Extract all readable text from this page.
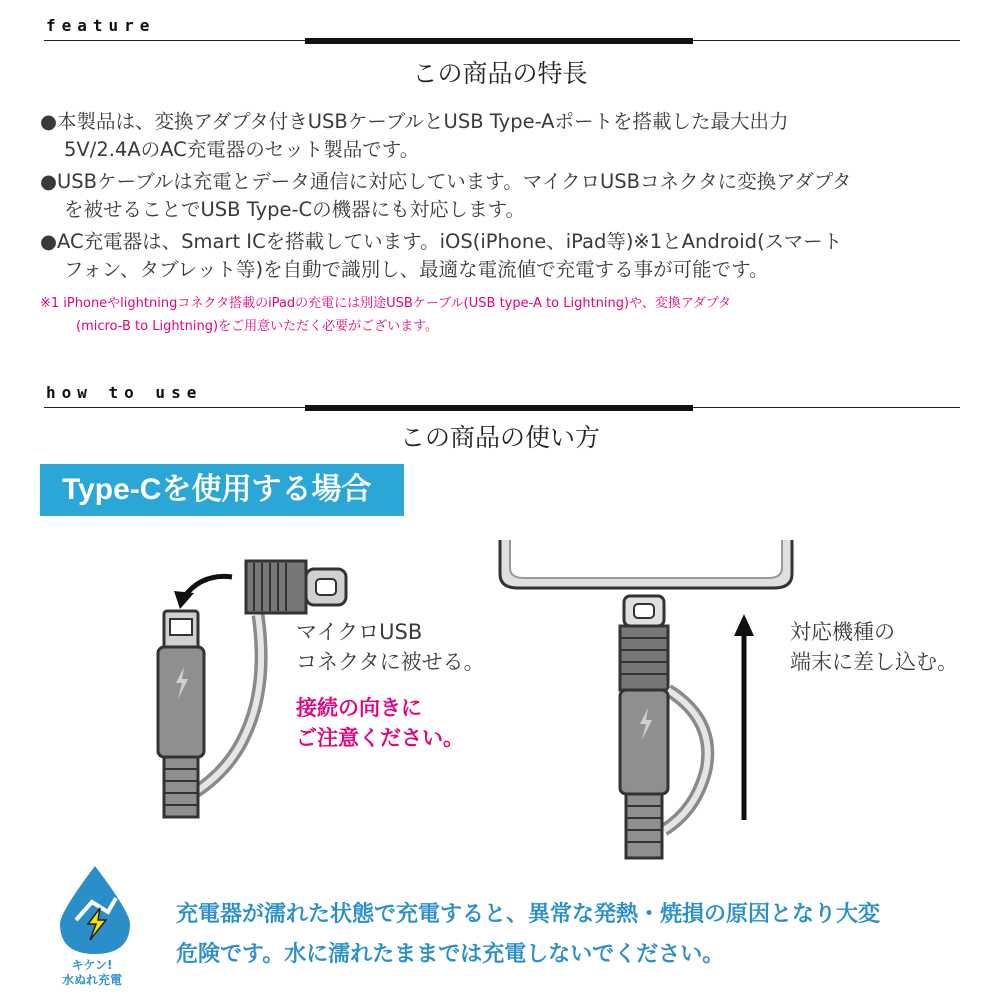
feature
この商品の特長
●本製品は、変換アダプタ付きUSBケーブルとUSB Type-Aポートを搭載した最大出力
5V/2.4AのAC充電器のセット製品です。
●USBケーブルは充電とデータ通信に対応しています。マイクロUSBコネクタに変換アダプタ
を被せることでUSB Type-Cの機器にも対応します。
●AC充電器は、Smart ICを搭載しています。iOS(iPhone、iPad等)※1とAndroid(スマート
フォン、タブレット等)を自動で識別し、最適な電流値で充電する事が可能です。
※1 iPhoneやlightningコネクタ搭載のiPadの充電には別途USBケーブル(USB type-A to Lightning)や、変換アダプタ
(micro-B to Lightning)をご用意いただく必要がございます。
how to use
この商品の使い方
Type-Cを使用する場合
マイクロUSB
コネクタに被せる。
接続の向きに
ご注意ください。
対応機種の
端末に差し込む。
キケン!
水ぬれ充電
充電器が濡れた状態で充電すると、異常な発熱・焼損の原因となり大変
危険です。水に濡れたままでは充電しないでください。
